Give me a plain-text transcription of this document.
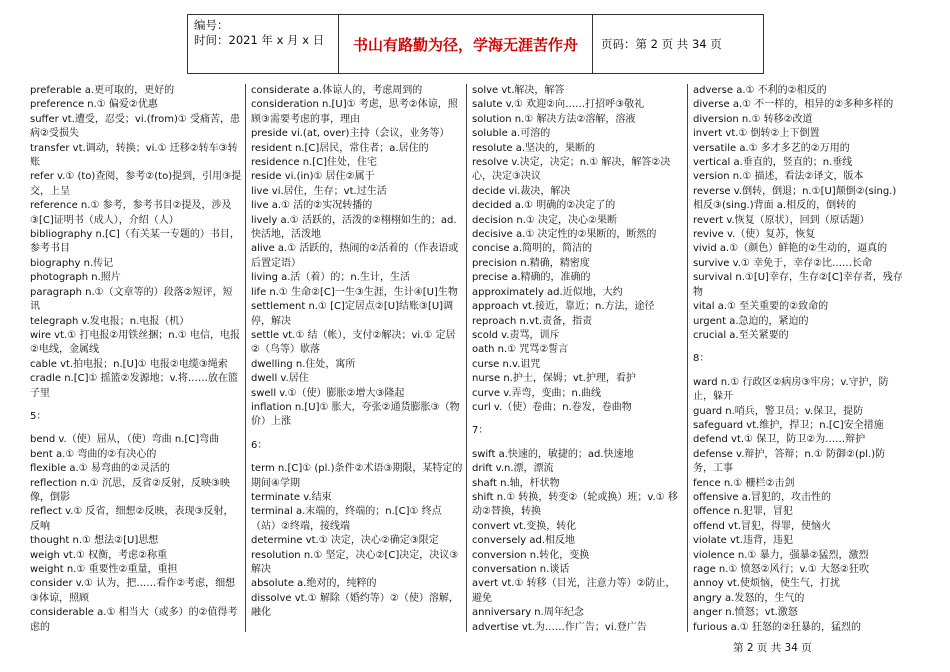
编号：
时间：2021 年 x 月 x 日	书山有路勤为径，学海无涯苦作舟	页码：第 2 页 共 34 页

preferable a.更可取的，更好的

preference n.① 偏爱②优惠

suffer vt.遭受，忍受；vi.(from)① 受痛苦，患病②受损失

transfer vt.调动，转换；vi.① 迁移②转车③转账

refer v.① (to)查阅，参考②(to)提到，引用③提交，上呈

reference n.① 参考，参考书目②提及，涉及③[C]证明书（成人），介绍（人）

bibliography n.[C]（有关某一专题的）书目，参考书目

biography n.传记

photograph n.照片

paragraph n.①（文章等的）段落②短评，短讯

telegraph v.发电报；n.电报（机）

wire vt.① 打电报②用铁丝捆；n.① 电信，电报②电线，金属线

cable vt.拍电报；n.[U]① 电报②电缆③绳索

cradle n.[C]① 摇篮②发源地；v.将……放在篮子里

5：

bend v.（使）屈从，（使）弯曲 n.[C]弯曲

bent a.① 弯曲的②有决心的

flexible a.① 易弯曲的②灵活的

reflection n.① 沉思，反省②反射，反映③映像，倒影

reflect v.① 反省，细想②反映，表现③反射，反响

thought n.① 想法②[U]思想

weigh vt.① 权衡，考虑②称重

weight n.① 重要性②重量，重担

consider v.① 认为，把……看作②考虑，细想③体谅，照顾

considerable a.① 相当大（或多）的②值得考虑的

considerate a.体谅人的，考虑周到的

consideration n.[U]① 考虑，思考②体谅，照顾③需要考虑的事，理由

preside vi.(at, over)主持（会议，业务等）

resident n.[C]居民，常住者；a.居住的

residence n.[C]住处，住宅

reside vi.(in)① 居住②属于

live vi.居住，生存；vt.过生活

live a.① 活的②实况转播的

lively a.① 活跃的，活泼的②栩栩如生的；ad.快活地，活泼地

alive a.① 活跃的，热闹的②活着的（作表语或后置定语）

living a.活（着）的；n.生计，生活

life n.① 生命②[C]一生③生涯，生计④[U]生物

settlement n.① [C]定居点②[U]结账③[U]调停，解决

settle vt.① 结（帐），支付②解决；vi.① 定居②（鸟等）歇落

dwelling n.住处，寓所

dwell v.居住

swell v.①（使）膨胀②增大③隆起

inflation n.[U]① 胀大，夸张②通货膨胀③（物价）上涨

6：

term n.[C]① (pl.)条件②术语③期限，某特定的期间④学期

terminate v.结束

terminal a.末端的，终端的；n.[C]① 终点（站）②终端，接线端

determine vt.① 决定，决心②确定③限定

resolution n.① 坚定，决心②[C]决定，决议③解决

absolute a.绝对的，纯粹的

dissolve vt.① 解除（婚约等）②（使）溶解，融化

solve vt.解决，解答

salute v.① 欢迎②向……打招呼③敬礼

solution n.① 解决方法②溶解，溶液

soluble a.可溶的

resolute a.坚决的，果断的

resolve v.决定，决定；n.① 解决，解答②决心，决定③决议

decide vi.裁决，解决

decided a.① 明确的②决定了的

decision n.① 决定，决心②果断

decisive a.① 决定性的②果断的，断然的

concise a.简明的，简洁的

precision n.精确，精密度

precise a.精确的，准确的

approximately ad.近似地，大约

approach vt.接近，靠近；n.方法，途径

reproach n.vt.责备，指责

scold v.责骂，训斥

oath n.① 咒骂②誓言

curse n.v.诅咒

nurse n.护士，保姆；vt.护理，看护

curve v.弄弯，变曲；n.曲线

curl v.（使）卷曲；n.卷发，卷曲物

7：

swift a.快速的，敏捷的；ad.快速地

drift v.n.漂，漂流

shaft n.轴，杆状物

shift n.① 转换，转变②（轮或换）班；v.① 移动②替换，转换

convert vt.变换，转化

conversely ad.相反地

conversion n.转化，变换

conversation n.谈话

avert vt.① 转移（目光，注意力等）②防止，避免

anniversary n.周年纪念

advertise vt.为……作广告；vi.登广告

adverse a.① 不利的②相反的

diverse a.① 不一样的，相异的②多种多样的

diversion n.① 转移②改道

invert vt.① 倒转②上下倒置

versatile a.① 多才多艺的②万用的

vertical a.垂直的，竖直的；n.垂线

version n.① 描述，看法②译文，版本

reverse v.倒转，倒退；n.①[U]颠倒②(sing.)相反③(sing.)背面 a.相反的，倒转的

revert v.恢复（原状），回到（原话题）

revive v.（使）复苏，恢复

vivid a.①（颜色）鲜艳的②生动的，逼真的

survive v.① 幸免于，幸存②比……长命

survival n.①[U]幸存，生存②[C]幸存者，残存物

vital a.① 至关重要的②致命的

urgent a.急迫的，紧迫的

crucial a.至关紧要的

8：

ward n.① 行政区②病房③牢房；v.守护，防止，躲开

guard n.哨兵，警卫员；v.保卫，提防

safeguard vt.维护，捍卫；n.[C]安全措施

defend vt.① 保卫，防卫②为……辩护

defense v.辩护，答辩；n.① 防御②(pl.)防务，工事

fence n.① 栅栏②击剑

offensive a.冒犯的，攻击性的

offence n.犯罪，冒犯

offend vt.冒犯，得罪，使恼火

violate vt.违背，违犯

violence n.① 暴力，强暴②猛烈，激烈

rage n.① 愤怒②风行；v.① 大怒②狂吹

annoy vt.使烦恼，使生气，打扰

angry a.发怒的，生气的

anger n.愤怒；vt.激怒

furious a.① 狂怒的②狂暴的，猛烈的

第 2 页 共 34 页
